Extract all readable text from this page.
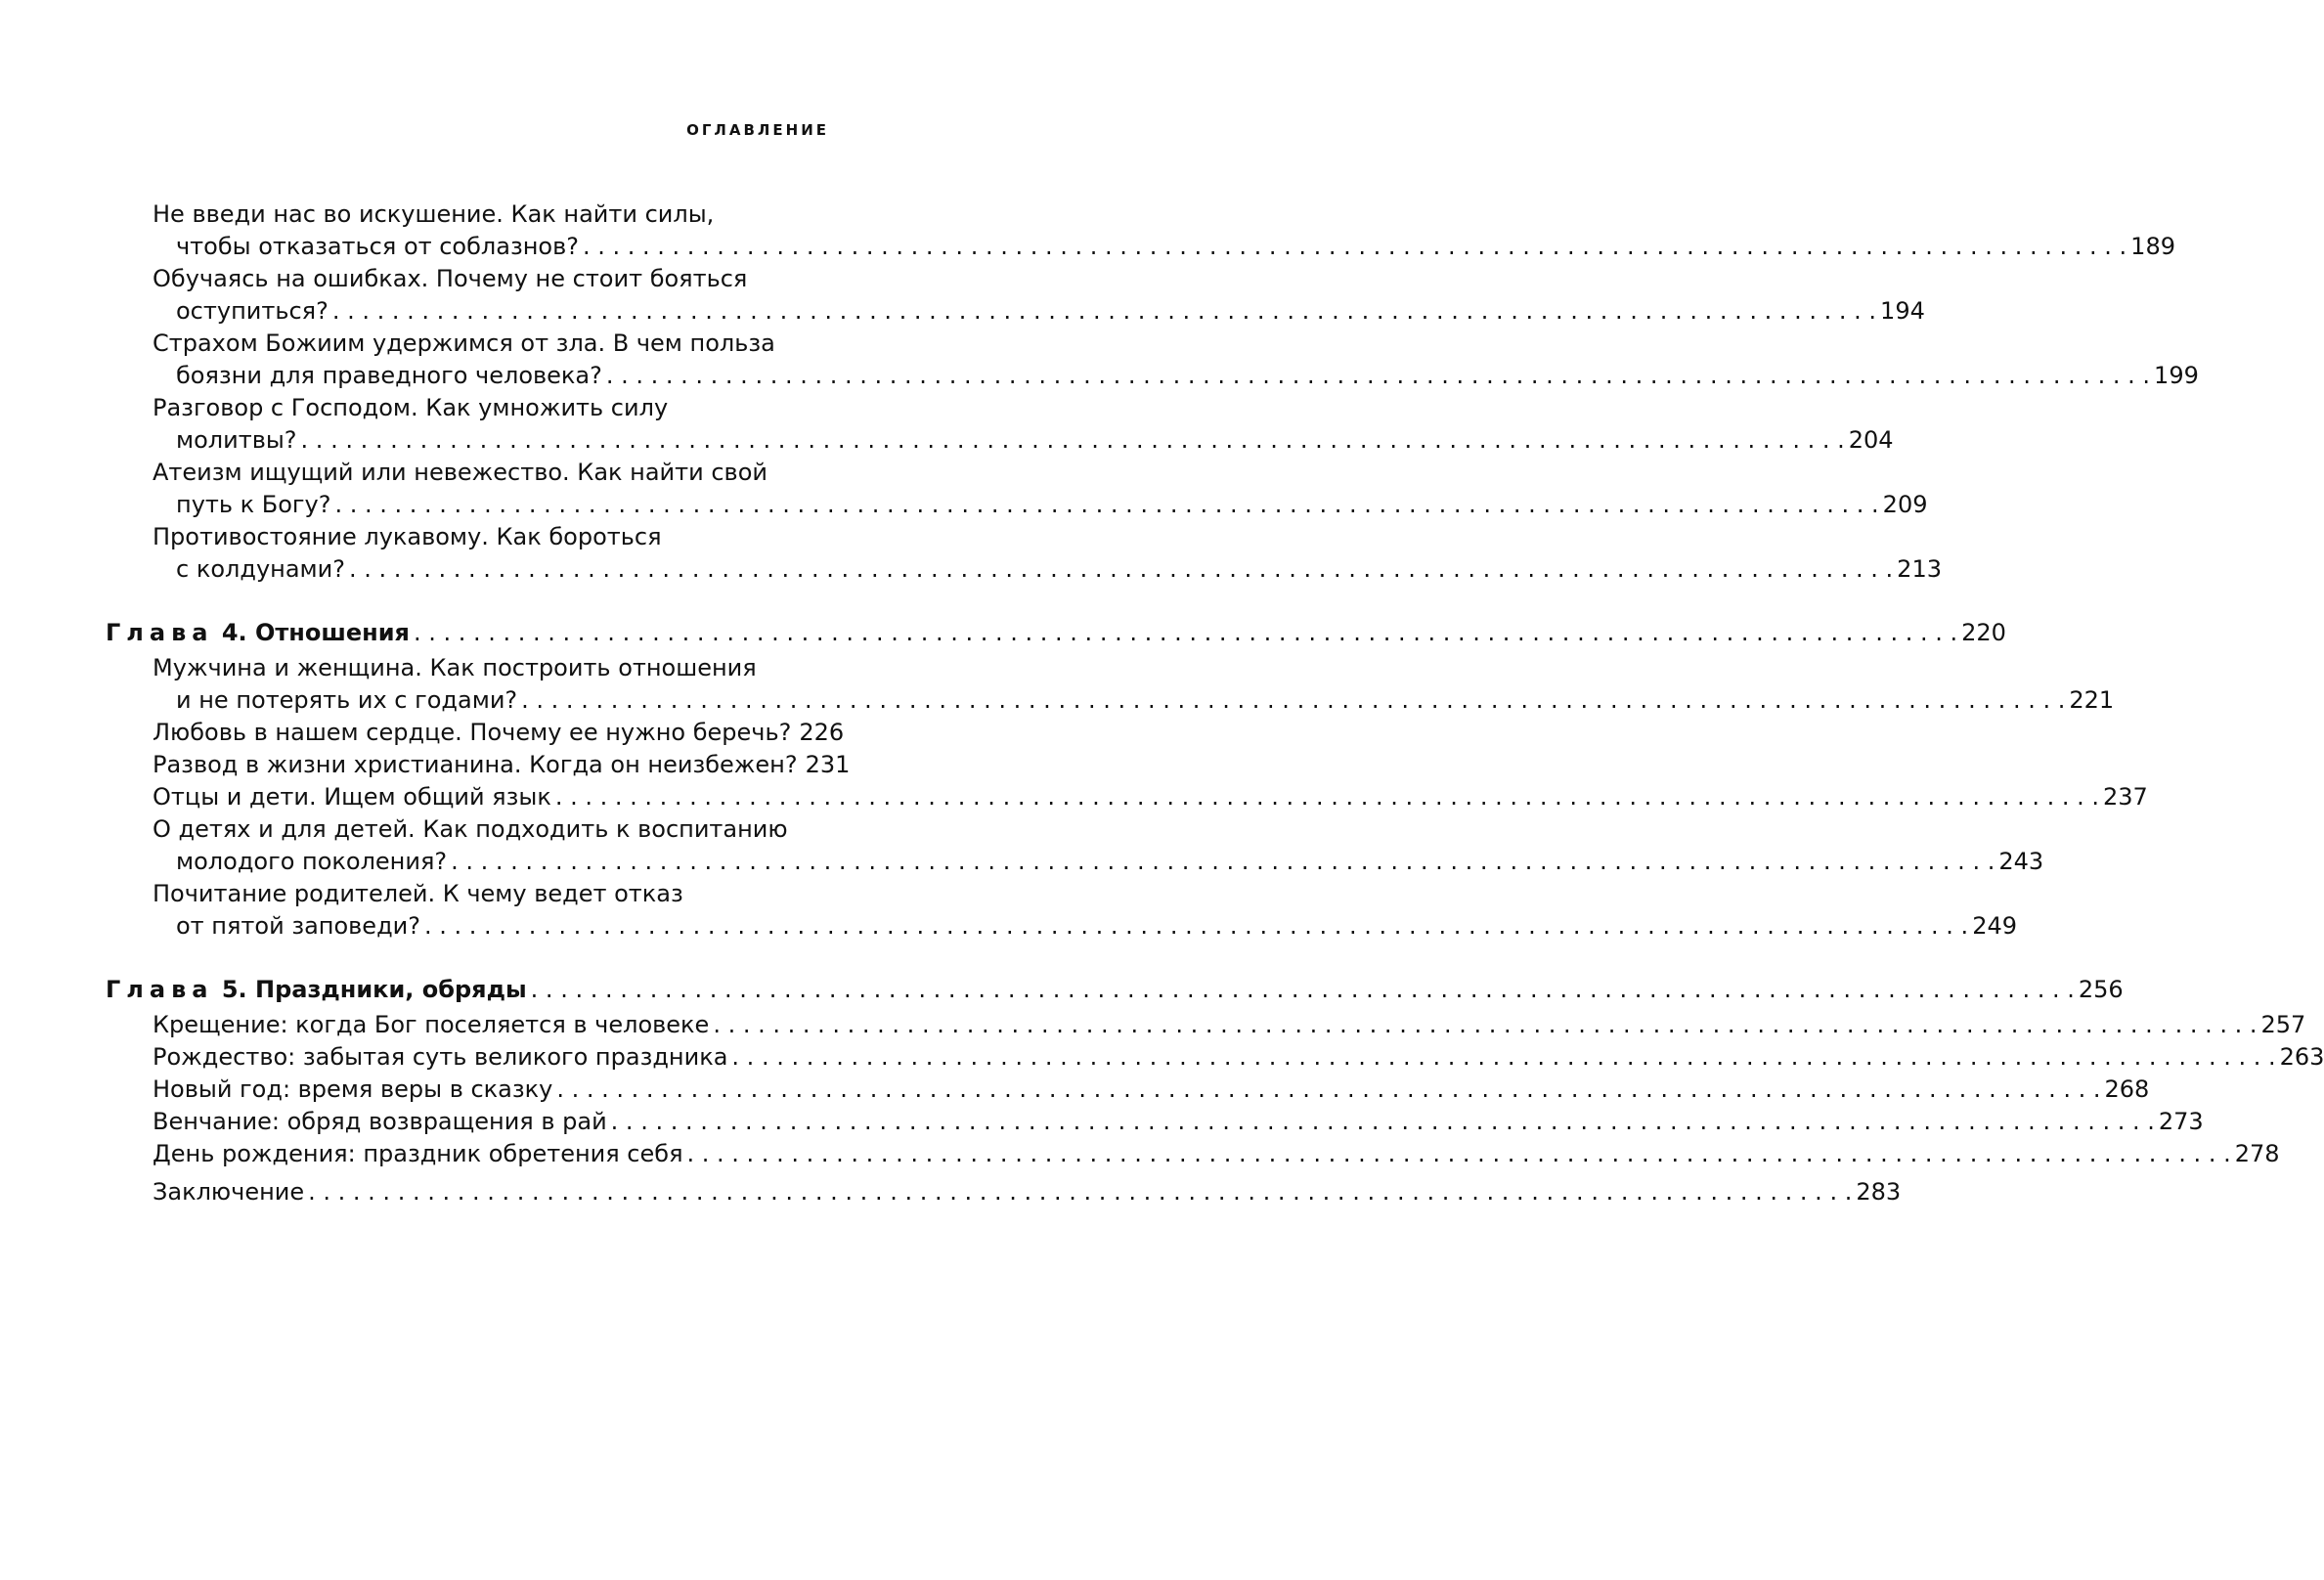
ОГЛАВЛЕНИЕ
Не введи нас во искушение. Как найти силы,
чтобы отказаться от соблазнов? . . .	189
Обучаясь на ошибках. Почему не стоит бояться
оступиться? . . .	194
Страхом Божиим удержимся от зла. В чем польза
боязни для праведного человека? . . .	199
Разговор с Господом. Как умножить силу
молитвы? . . .	204
Атеизм ищущий или невежество. Как найти свой
путь к Богу? . . .	209
Противостояние лукавому. Как бороться
с колдунами? . . .	213
Глава 4. Отношения . . .	220
Мужчина и женщина. Как построить отношения
и не потерять их с годами? . . .	221
Любовь в нашем сердце. Почему ее нужно беречь? 226
Развод в жизни христианина. Когда он неизбежен? 231
Отцы и дети. Ищем общий язык . . .	237
О детях и для детей. Как подходить к воспитанию
молодого поколения? . . .	243
Почитание родителей. К чему ведет отказ
от пятой заповеди? . . .	249
Глава 5. Праздники, обряды . . .	256
Крещение: когда Бог поселяется в человеке . . .	257
Рождество: забытая суть великого праздника . . .	263
Новый год: время веры в сказку . . .	268
Венчание: обряд возвращения в рай . . .	273
День рождения: праздник обретения себя . . .	278
Заключение . . .	283
